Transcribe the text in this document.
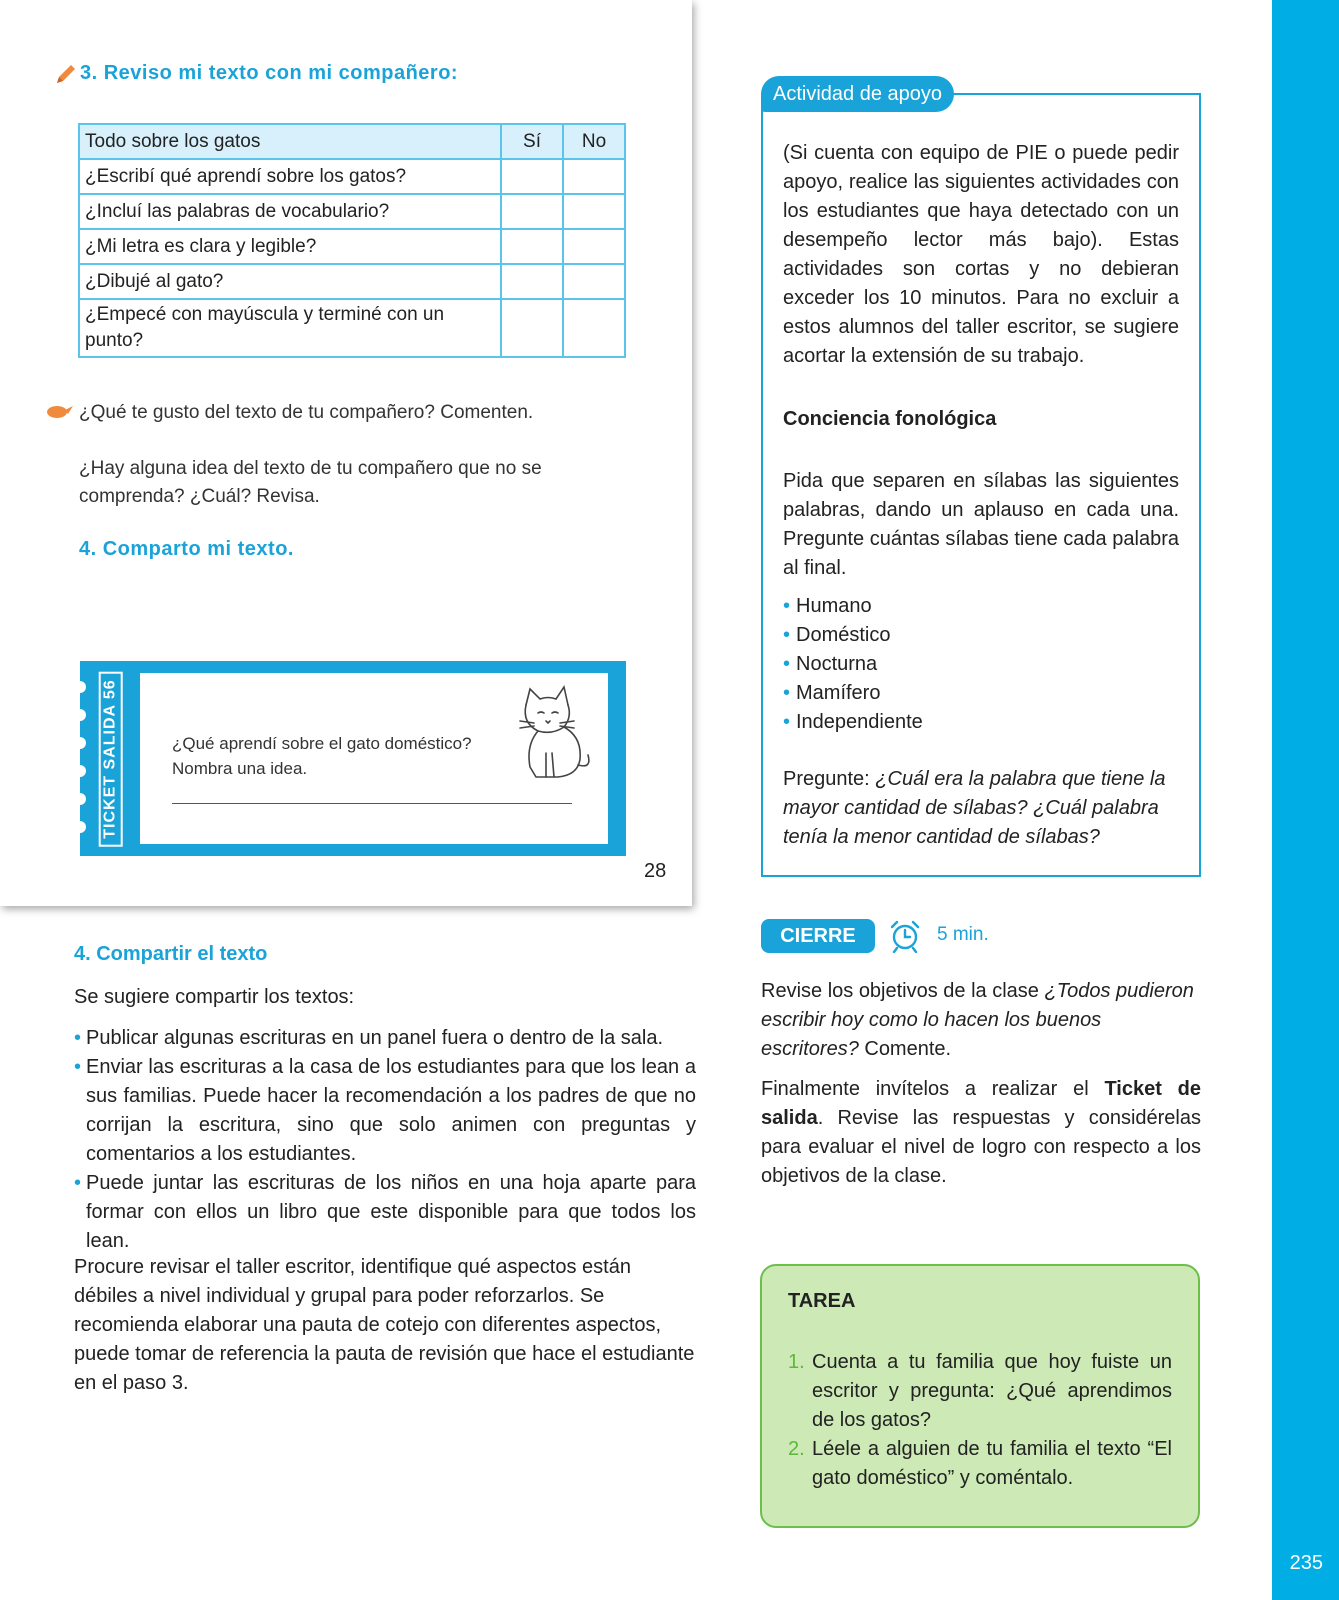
235
3. Reviso mi texto con mi compañero:
Todo sobre los gatos	Sí	No
¿Escribí qué aprendí sobre los gatos?		
¿Incluí las palabras de vocabulario?		
¿Mi letra es clara y legible?		
¿Dibujé al gato?		
¿Empecé con mayúscula y terminé con un punto?		
¿Qué te gusto del texto de tu compañero? Comenten.
¿Hay alguna idea del texto de tu compañero que no se comprenda? ¿Cuál? Revisa.
4. Comparto mi texto.
TICKET SALIDA 56	¿Qué aprendí sobre el gato doméstico? Nombra una idea.	ESCRITURA OA 15
28
4. Compartir el texto
Se sugiere compartir los textos:
• Publicar algunas escrituras en un panel fuera o dentro de la sala.
• Enviar las escrituras a la casa de los estudiantes para que los lean a sus familias. Puede hacer la recomendación a los padres de que no corrijan la escritura, sino que solo animen con preguntas y comentarios a los estudiantes.
• Puede juntar las escrituras de los niños en una hoja aparte para formar con ellos un libro que este disponible para que todos los lean.
Procure revisar el taller escritor, identifique qué aspectos están débiles a nivel individual y grupal para poder reforzarlos. Se recomienda elaborar una pauta de cotejo con diferentes aspectos, puede tomar de referencia la pauta de revisión que hace el estudiante en el paso 3.
Actividad de apoyo
(Si cuenta con equipo de PIE o puede pedir apoyo, realice las siguientes actividades con los estudiantes que haya detectado con un desempeño lector más bajo). Estas actividades son cortas y no debieran exceder los 10 minutos. Para no excluir a estos alumnos del taller escritor, se sugiere acortar la extensión de su trabajo.
Conciencia fonológica
Pida que separen en sílabas las siguientes palabras, dando un aplauso en cada una. Pregunte cuántas sílabas tiene cada palabra al final.
• Humano
• Doméstico
• Nocturna
• Mamífero
• Independiente
Pregunte: ¿Cuál era la palabra que tiene la mayor cantidad de sílabas? ¿Cuál palabra tenía la menor cantidad de sílabas?
CIERRE	5 min.
Revise los objetivos de la clase ¿Todos pudieron escribir hoy como lo hacen los buenos escritores? Comente.
Finalmente invítelos a realizar el Ticket de salida. Revise las respuestas y considérelas para evaluar el nivel de logro con respecto a los objetivos de la clase.
TAREA
1. Cuenta a tu familia que hoy fuiste un escritor y pregunta: ¿Qué aprendimos de los gatos?
2. Léele a alguien de tu familia el texto “El gato doméstico” y coméntalo.
